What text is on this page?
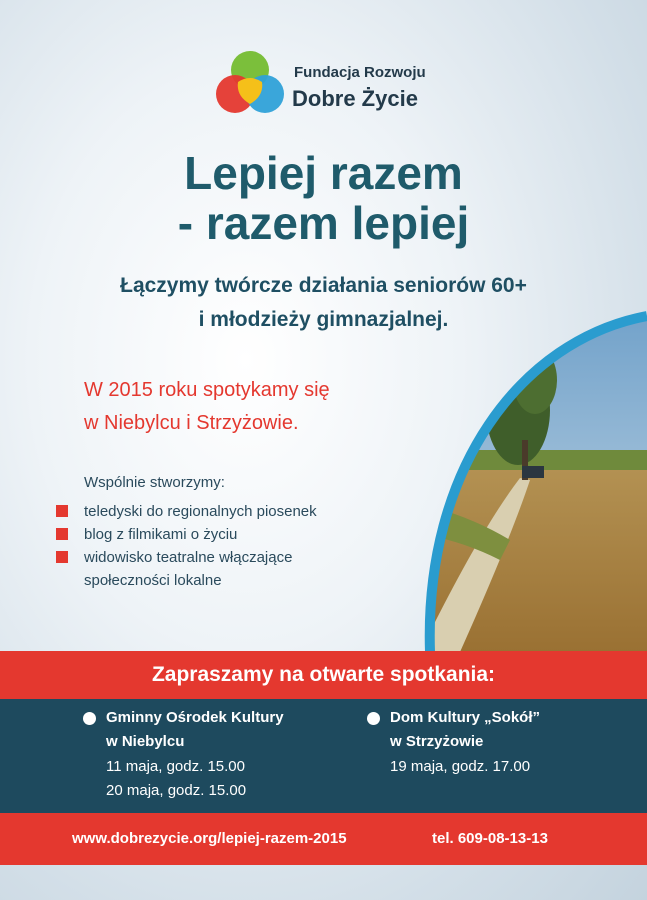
Fundacja Rozwoju
Dobre Życie
Lepiej razem
- razem lepiej
Łączymy twórcze działania seniorów 60+
i młodzieży gimnazjalnej.
W 2015 roku spotykamy się
w Niebylcu i Strzyżowie.
Wspólnie stworzymy:
teledyski do regionalnych piosenek
blog z filmikami o życiu
widowisko teatralne włączające
społeczności lokalne
Zapraszamy na otwarte spotkania:
Gminny Ośrodek Kultury
w Niebylcu
11 maja, godz. 15.00
20 maja, godz. 15.00
Dom Kultury „Sokół”
w Strzyżowie
19 maja, godz. 17.00
www.dobrezycie.org/lepiej-razem-2015	tel. 609-08-13-13
